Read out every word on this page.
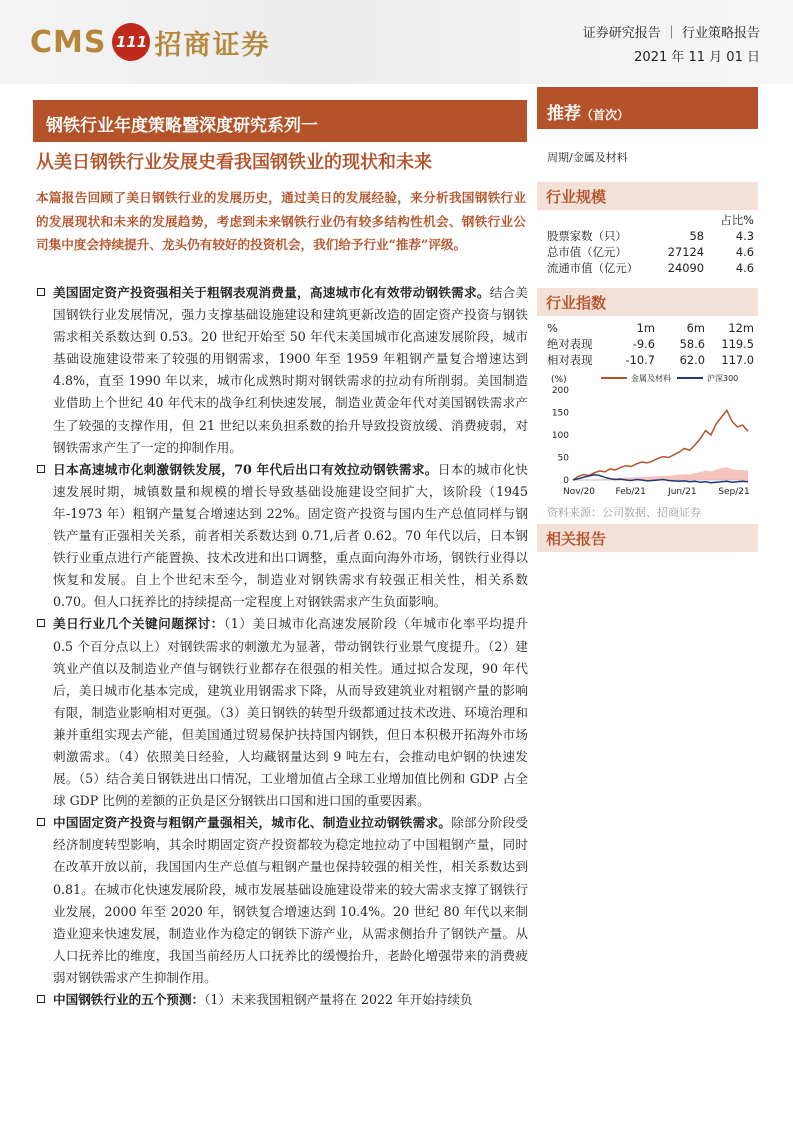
CMS 111 招商证券	证券研究报告 ｜ 行业策略报告
2021 年 11 月 01 日
钢铁行业年度策略暨深度研究系列一
从美日钢铁行业发展史看我国钢铁业的现状和未来
本篇报告回顾了美日钢铁行业的发展历史，通过美日的发展经验，来分析我国钢铁行业的发展现状和未来的发展趋势，考虑到未来钢铁行业仍有较多结构性机会、钢铁行业公司集中度会持续提升、龙头仍有较好的投资机会，我们给予行业“推荐”评级。
美国固定资产投资强相关于粗钢表观消费量，高速城市化有效带动钢铁需求。结合美国钢铁行业发展情况，强力支撑基础设施建设和建筑更新改造的固定资产投资与钢铁需求相关系数达到 0.53。20 世纪开始至 50 年代末美国城市化高速发展阶段，城市基础设施建设带来了较强的用钢需求，1900 年至 1959 年粗钢产量复合增速达到 4.8%，直至 1990 年以来，城市化成熟时期对钢铁需求的拉动有所削弱。美国制造业借助上个世纪 40 年代末的战争红利快速发展，制造业黄金年代对美国钢铁需求产生了较强的支撑作用，但 21 世纪以来负担系数的抬升导致投资放缓、消费疲弱，对钢铁需求产生了一定的抑制作用。
日本高速城市化刺激钢铁发展，70 年代后出口有效拉动钢铁需求。日本的城市化快速发展时期，城镇数量和规模的增长导致基础设施建设空间扩大，该阶段（1945 年-1973 年）粗钢产量复合增速达到 22%。固定资产投资与国内生产总值同样与钢铁产量有正强相关关系，前者相关系数达到 0.71,后者 0.62。70 年代以后，日本钢铁行业重点进行产能置换、技术改进和出口调整，重点面向海外市场，钢铁行业得以恢复和发展。自上个世纪末至今，制造业对钢铁需求有较强正相关性，相关系数 0.70。但人口抚养比的持续提高一定程度上对钢铁需求产生负面影响。
美日行业几个关键问题探讨：（1）美日城市化高速发展阶段（年城市化率平均提升 0.5 个百分点以上）对钢铁需求的刺激尤为显著，带动钢铁行业景气度提升。（2）建筑业产值以及制造业产值与钢铁行业都存在很强的相关性。通过拟合发现，90 年代后，美日城市化基本完成，建筑业用钢需求下降，从而导致建筑业对粗钢产量的影响有限，制造业影响相对更强。（3）美日钢铁的转型升级都通过技术改进、环境治理和兼并重组实现去产能，但美国通过贸易保护扶持国内钢铁，但日本积极开拓海外市场刺激需求。（4）依照美日经验，人均藏钢量达到 9 吨左右，会推动电炉钢的快速发展。（5）结合美日钢铁进出口情况，工业增加值占全球工业增加值比例和 GDP 占全球 GDP 比例的差额的正负是区分钢铁出口国和进口国的重要因素。
中国固定资产投资与粗钢产量强相关，城市化、制造业拉动钢铁需求。除部分阶段受经济制度转型影响，其余时期固定资产投资都较为稳定地拉动了中国粗钢产量，同时在改革开放以前，我国国内生产总值与粗钢产量也保持较强的相关性，相关系数达到 0.81。在城市化快速发展阶段，城市发展基础设施建设带来的较大需求支撑了钢铁行业发展，2000 年至 2020 年，钢铁复合增速达到 10.4%。20 世纪 80 年代以来制造业迎来快速发展，制造业作为稳定的钢铁下游产业，从需求侧抬升了钢铁产量。从人口抚养比的维度，我国当前经历人口抚养比的缓慢抬升，老龄化增强带来的消费疲弱对钢铁需求产生抑制作用。
中国钢铁行业的五个预测：（1）未来我国粗钢产量将在 2022 年开始持续负
推荐（首次）
周期/金属及材料
行业规模
		占比%
股票家数（只）	58	4.3
总市值（亿元）	27124	4.6
流通市值（亿元）	24090	4.6
行业指数
%	1m	6m	12m
绝对表现	-9.6	58.6	119.5
相对表现	-10.7	62.0	117.0
(%)	金属及材料	沪深300
0
50
100
150
200
Nov/20 Feb/21 Jun/21 Sep/21
资料来源：公司数据、招商证券
相关报告
